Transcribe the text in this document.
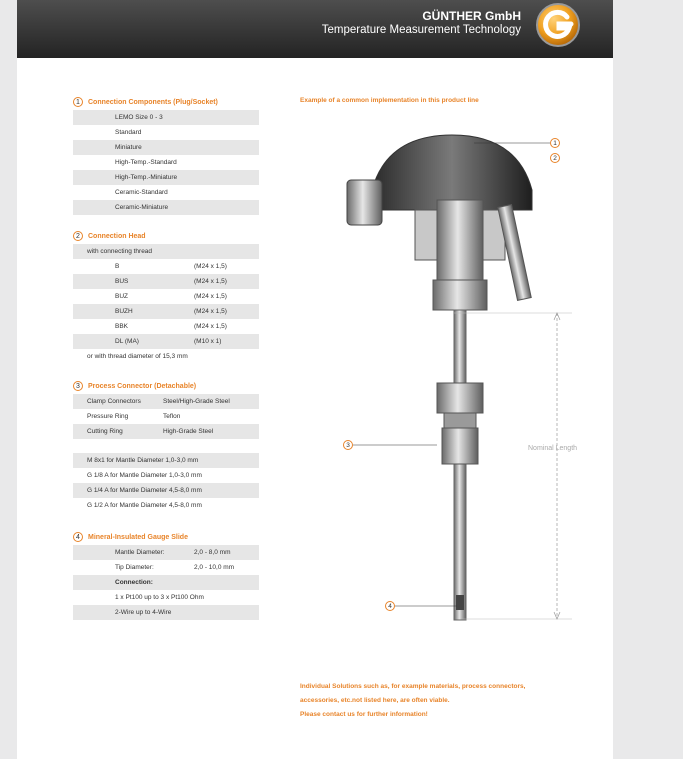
GÜNTHER GmbH
Temperature Measurement Technology
1	Connection Components (Plug/Socket)
LEMO Size 0 - 3
Standard
Miniature
High-Temp.-Standard
High-Temp.-Miniature
Ceramic-Standard
Ceramic-Miniature
2	Connection Head
with connecting thread
B	(M24 x 1,5)
BUS	(M24 x 1,5)
BUZ	(M24 x 1,5)
BUZH	(M24 x 1,5)
BBK	(M24 x 1,5)
DL (MA)	(M10 x 1)
or with thread diameter of 15,3 mm
3	Process Connector (Detachable)
Clamp Connectors	Steel/High-Grade Steel
Pressure Ring	Teflon
Cutting Ring	High-Grade Steel
M 8x1 for Mantle Diameter 1,0-3,0 mm
G 1/8 A for Mantle Diameter 1,0-3,0 mm
G 1/4 A for Mantle Diameter 4,5-8,0 mm
G 1/2 A for Mantle Diameter 4,5-8,0 mm
4	Mineral-Insulated Gauge Slide
Mantle Diameter:	2,0 - 8,0 mm
Tip Diameter:	2,0 - 10,0 mm
Connection:
1 x Pt100 up to 3 x Pt100 Ohm
2-Wire up to 4-Wire
Example of a common implementation in this product line
1
2
3
4
Nominal Length
Individual Solutions such as, for example materials, process connectors,
accessories, etc.not listed here, are often viable.
Please contact us for further information!
